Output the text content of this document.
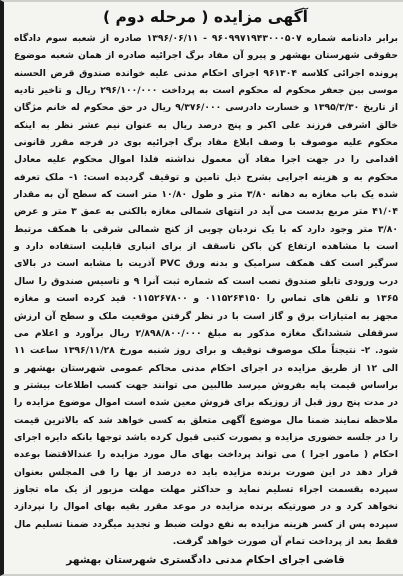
آگهی مزایده ( مرحله دوم )

برابر دادنامه شماره ۹۶۰۹۹۷۱۹۴۳۰۰۰۵۰۷ - ۱۳۹۶/۰۶/۱۱ صادره از شعبه سوم دادگاه حقوقی شهرستان بهشهر و پیرو آن مفاد برگ اجرائیه صادره از همان شعبه موضوع پرونده اجرائی کلاسه ۹۶۱۳۰۴ اجرای احکام مدنی علیه خوانده صندوق قرض الحسنه موسی بین جعفر محکوم له محکوم است به پرداخت ۲۹۶/۱۰۰/۰۰۰ ریال و تاخیر تادیه از تاریخ ۱۳۹۵/۳/۳۰ و خسارت دادرسی ۹/۳۷۶/۰۰۰ ریال در حق محکوم له خانم مژگان خالق اشرفی فرزند علی اکبر و پنج درصد ریال به عنوان نیم عشر نظر به اینکه محکوم علیه موصوف با وصف ابلاغ مفاد برگ اجرائیه بوی در فرجه مقرر قانونی اقدامی را در جهت اجرا مفاد آن معمول نداشته فلذا اموال محکوم علیه معادل محکوم به و هزینه اجرایی بشرح ذیل تامین و توقیف گردیده است: ۱- ملک تعرفه شده یک باب مغازه به دهانه ۳/۸۰ متر و طول ۱۰/۸۰ متر است که سطح آن به مقدار ۴۱/۰۴ متر مربع بدست می آید در انتهای شمالی مغازه بالکنی به عمق ۳ متر و عرض ۳/۸۰ متر وجود دارد که با یک نردبان چوبی از کنج شمالی شرقی با همکف مرتبط است با مشاهده ارتفاع کن باکن تاسقف از برای انباری قابلیت استفاده دارد و سرگیر است کف همکف سرامیک و بدنه ورق PVC آذریت با مشابه است در بالای درب ورودی تابلو صندوق نصب است که شماره ثبت آنرا ۹ و تاسیس صندوق را سال ۱۳۶۵ و تلفن های تماس را ۰۱۱۵۲۶۴۱۵۰ و ۰۱۱۵۲۶۷۸۰۰ قید کرده است و مغازه مجهز به امتیازات برق و گاز است با در نظر گرفتن موقعیت ملک و سطح آن ارزش سرقفلی ششدانگ مغازه مذکور به مبلغ ۲/۸۹۸/۸۰۰/۰۰۰ ریال برآورد و اعلام می شود. ۲- نتیجتاً ملک موصوف توقیف و برای روز شنبه مورخ ۱۳۹۶/۱۱/۲۸ ساعت ۱۱ الی ۱۲ از طریق مزایده در اجرای احکام مدنی محاکم عمومی شهرستان بهشهر و براساس قیمت پایه بفروش میرسد طالبین می توانند جهت کسب اطلاعات بیشتر و در مدت پنج روز قبل از روزیکه برای فروش معین شده است اموال موضوع مزایده را ملاحظه نمایند ضمنا مال موضوع آگهی متعلق به کسی خواهد شد که بالاترین قیمت را در جلسه حضوری مزایده و بصورت کتبی قبول کرده باشد توجها بانکه دایره اجرای احکام ( مامور اجرا ) می تواند پرداخت بهای مال مورد مزایده را عندالاقتضا بوعده قرار دهد در این صورت برنده مزایده باید ده درصد از بها را فی المجلس بعنوان سپرده بقسمت اجراء تسلیم نماید و حداکثر مهلت مهلت مزبور از یک ماه تجاوز نخواهد کرد و در صورتیکه برنده مزایده در موعد مقرر بقیه بهای اموال را نپردازد سپرده پس از کسر هزینه مزایده به نفع دولت ضبط و تجدید میگردد ضمنا تسلیم مال فقط بعد از پرداخت تمام آن صورت خواهد گرفت.

قاضی اجرای احکام مدنی دادگستری شهرستان بهشهر
